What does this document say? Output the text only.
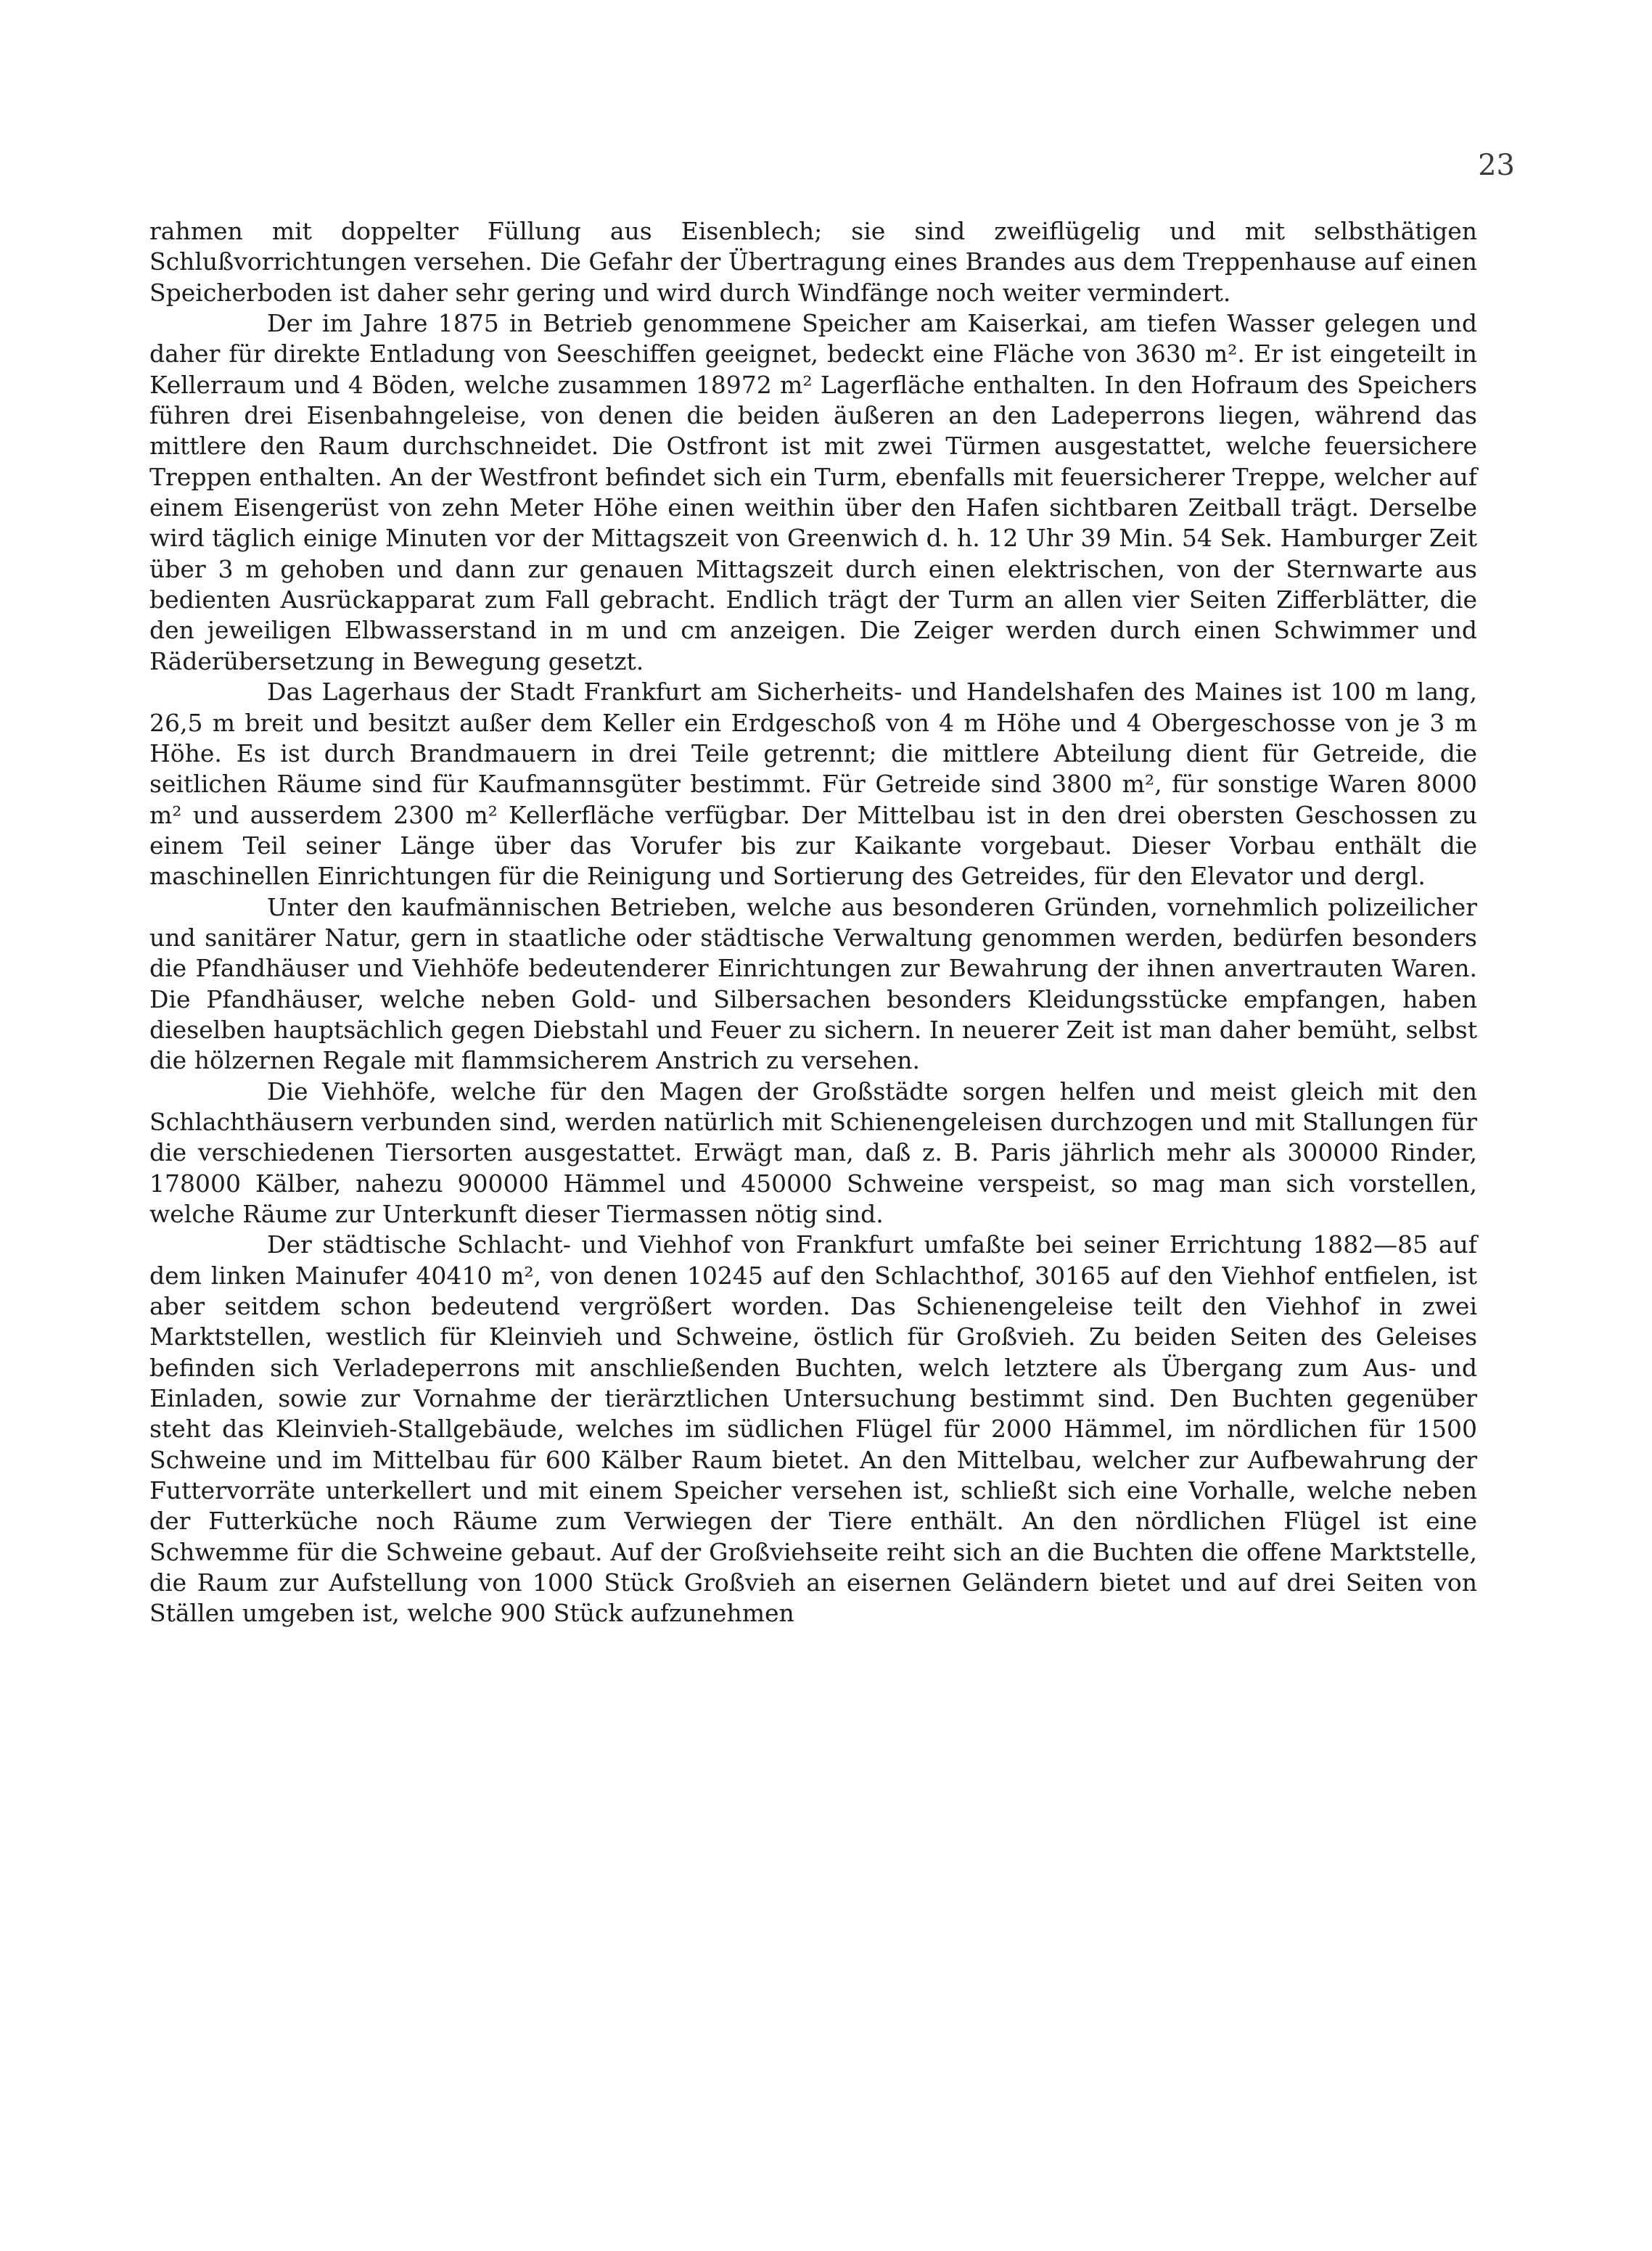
23

rahmen mit doppelter Füllung aus Eisenblech; sie sind zweiflügelig und mit selbsthätigen Schlußvorrichtungen versehen. Die Gefahr der Übertragung eines Brandes aus dem Treppenhause auf einen Speicherboden ist daher sehr gering und wird durch Windfänge noch weiter vermindert.

Der im Jahre 1875 in Betrieb genommene Speicher am Kaiserkai, am tiefen Wasser gelegen und daher für direkte Entladung von Seeschiffen geeignet, bedeckt eine Fläche von 3630 m². Er ist eingeteilt in Kellerraum und 4 Böden, welche zusammen 18972 m² Lagerfläche enthalten. In den Hofraum des Speichers führen drei Eisenbahngeleise, von denen die beiden äußeren an den Ladeperrons liegen, während das mittlere den Raum durchschneidet. Die Ostfront ist mit zwei Türmen ausgestattet, welche feuersichere Treppen enthalten. An der Westfront befindet sich ein Turm, ebenfalls mit feuersicherer Treppe, welcher auf einem Eisengerüst von zehn Meter Höhe einen weithin über den Hafen sichtbaren Zeitball trägt. Derselbe wird täglich einige Minuten vor der Mittagszeit von Greenwich d. h. 12 Uhr 39 Min. 54 Sek. Hamburger Zeit über 3 m gehoben und dann zur genauen Mittagszeit durch einen elektrischen, von der Sternwarte aus bedienten Ausrückapparat zum Fall gebracht. Endlich trägt der Turm an allen vier Seiten Zifferblätter, die den jeweiligen Elbwasserstand in m und cm anzeigen. Die Zeiger werden durch einen Schwimmer und Räderübersetzung in Bewegung gesetzt.

Das Lagerhaus der Stadt Frankfurt am Sicherheits- und Handelshafen des Maines ist 100 m lang, 26,5 m breit und besitzt außer dem Keller ein Erdgeschoß von 4 m Höhe und 4 Obergeschosse von je 3 m Höhe. Es ist durch Brandmauern in drei Teile getrennt; die mittlere Abteilung dient für Getreide, die seitlichen Räume sind für Kaufmannsgüter bestimmt. Für Getreide sind 3800 m², für sonstige Waren 8000 m² und ausserdem 2300 m² Kellerfläche verfügbar. Der Mittelbau ist in den drei obersten Geschossen zu einem Teil seiner Länge über das Vorufer bis zur Kaikante vorgebaut. Dieser Vorbau enthält die maschinellen Einrichtungen für die Reinigung und Sortierung des Getreides, für den Elevator und dergl.

Unter den kaufmännischen Betrieben, welche aus besonderen Gründen, vornehmlich polizeilicher und sanitärer Natur, gern in staatliche oder städtische Verwaltung genommen werden, bedürfen besonders die Pfandhäuser und Viehhöfe bedeutenderer Einrichtungen zur Bewahrung der ihnen anvertrauten Waren. Die Pfandhäuser, welche neben Gold- und Silbersachen besonders Kleidungsstücke empfangen, haben dieselben hauptsächlich gegen Diebstahl und Feuer zu sichern. In neuerer Zeit ist man daher bemüht, selbst die hölzernen Regale mit flammsicherem Anstrich zu versehen.

Die Viehhöfe, welche für den Magen der Großstädte sorgen helfen und meist gleich mit den Schlachthäusern verbunden sind, werden natürlich mit Schienengeleisen durchzogen und mit Stallungen für die verschiedenen Tiersorten ausgestattet. Erwägt man, daß z. B. Paris jährlich mehr als 300000 Rinder, 178000 Kälber, nahezu 900000 Hämmel und 450000 Schweine verspeist, so mag man sich vorstellen, welche Räume zur Unterkunft dieser Tiermassen nötig sind.

Der städtische Schlacht- und Viehhof von Frankfurt umfaßte bei seiner Errichtung 1882—85 auf dem linken Mainufer 40410 m², von denen 10245 auf den Schlachthof, 30165 auf den Viehhof entfielen, ist aber seitdem schon bedeutend vergrößert worden. Das Schienengeleise teilt den Viehhof in zwei Marktstellen, westlich für Kleinvieh und Schweine, östlich für Großvieh. Zu beiden Seiten des Geleises befinden sich Verladeperrons mit anschließenden Buchten, welch letztere als Übergang zum Aus- und Einladen, sowie zur Vornahme der tierärztlichen Untersuchung bestimmt sind. Den Buchten gegenüber steht das Kleinvieh-Stallgebäude, welches im südlichen Flügel für 2000 Hämmel, im nördlichen für 1500 Schweine und im Mittelbau für 600 Kälber Raum bietet. An den Mittelbau, welcher zur Aufbewahrung der Futtervorräte unterkellert und mit einem Speicher versehen ist, schließt sich eine Vorhalle, welche neben der Futterküche noch Räume zum Verwiegen der Tiere enthält. An den nördlichen Flügel ist eine Schwemme für die Schweine gebaut. Auf der Großviehseite reiht sich an die Buchten die offene Marktstelle, die Raum zur Aufstellung von 1000 Stück Großvieh an eisernen Geländern bietet und auf drei Seiten von Ställen umgeben ist, welche 900 Stück aufzunehmen
